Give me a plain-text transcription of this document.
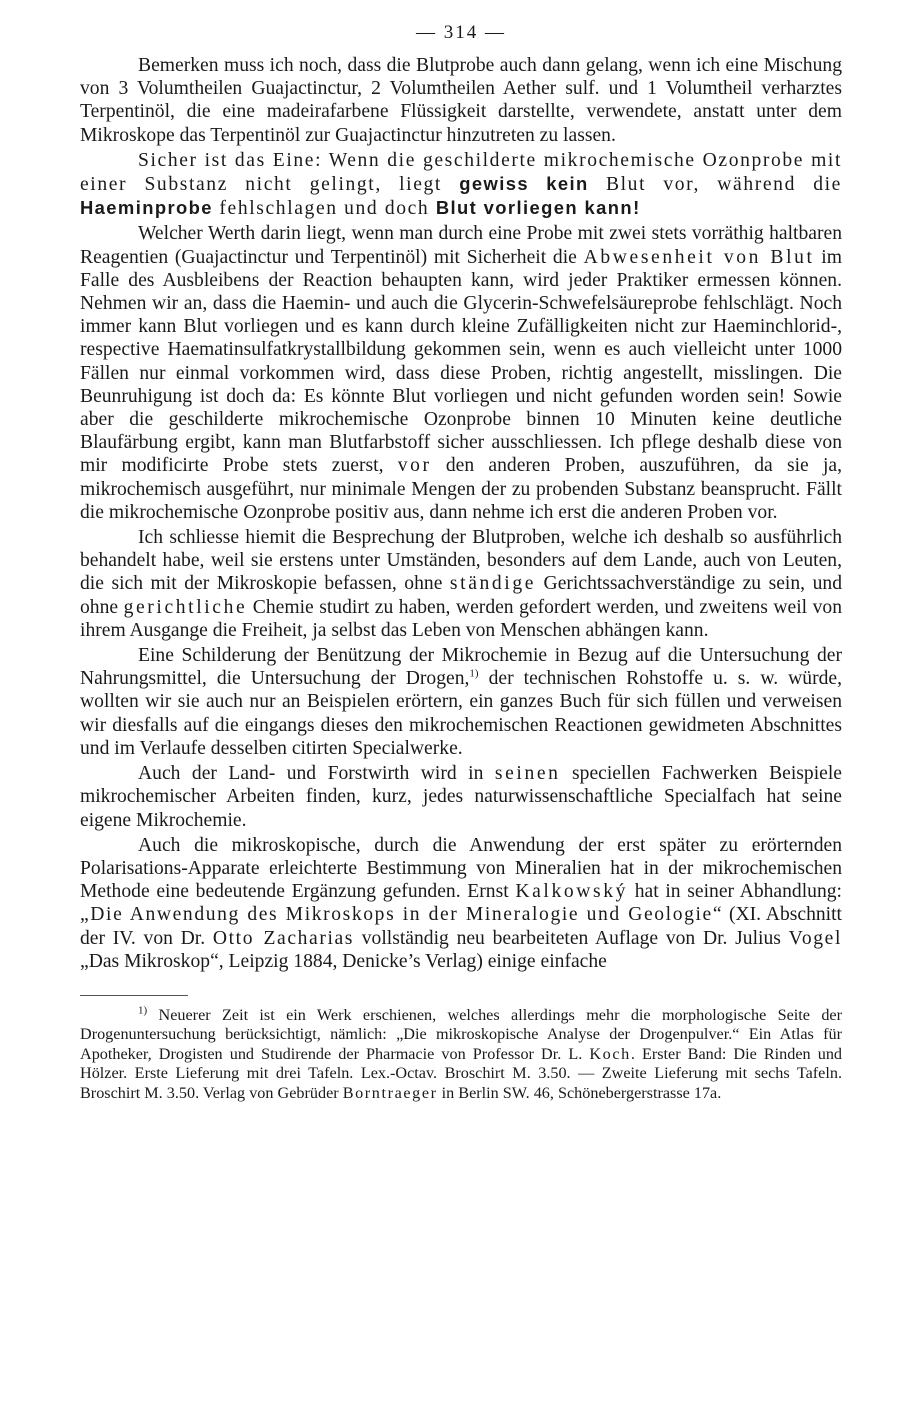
— 314 —

Bemerken muss ich noch, dass die Blutprobe auch dann gelang, wenn ich eine Mischung von 3 Volumtheilen Guajactinctur, 2 Volumtheilen Aether sulf. und 1 Volumtheil verharztes Terpentinöl, die eine madeirafarbene Flüssigkeit darstellte, verwendete, anstatt unter dem Mikroskope das Terpentinöl zur Guajactinctur hinzutreten zu lassen.

Sicher ist das Eine: Wenn die geschilderte mikrochemische Ozonprobe mit einer Substanz nicht gelingt, liegt gewiss kein Blut vor, während die Haeminprobe fehlschlagen und doch Blut vorliegen kann!

Welcher Werth darin liegt, wenn man durch eine Probe mit zwei stets vorräthig haltbaren Reagentien (Guajactinctur und Terpentinöl) mit Sicherheit die Abwesenheit von Blut im Falle des Ausbleibens der Reaction behaupten kann, wird jeder Praktiker ermessen können. Nehmen wir an, dass die Haemin- und auch die Glycerin-Schwefelsäureprobe fehlschlägt. Noch immer kann Blut vorliegen und es kann durch kleine Zufälligkeiten nicht zur Haeminchlorid-, respective Haematinsulfatkrystallbildung gekommen sein, wenn es auch vielleicht unter 1000 Fällen nur einmal vorkommen wird, dass diese Proben, richtig angestellt, misslingen. Die Beunruhigung ist doch da: Es könnte Blut vorliegen und nicht gefunden worden sein! Sowie aber die geschilderte mikrochemische Ozonprobe binnen 10 Minuten keine deutliche Blaufärbung ergibt, kann man Blutfarbstoff sicher ausschliessen. Ich pflege deshalb diese von mir modificirte Probe stets zuerst, vor den anderen Proben, auszuführen, da sie ja, mikrochemisch ausgeführt, nur minimale Mengen der zu probenden Substanz beansprucht. Fällt die mikrochemische Ozonprobe positiv aus, dann nehme ich erst die anderen Proben vor.

Ich schliesse hiemit die Besprechung der Blutproben, welche ich deshalb so ausführlich behandelt habe, weil sie erstens unter Umständen, besonders auf dem Lande, auch von Leuten, die sich mit der Mikroskopie befassen, ohne ständige Gerichtssachverständige zu sein, und ohne gerichtliche Chemie studirt zu haben, werden gefordert werden, und zweitens weil von ihrem Ausgange die Freiheit, ja selbst das Leben von Menschen abhängen kann.

Eine Schilderung der Benützung der Mikrochemie in Bezug auf die Untersuchung der Nahrungsmittel, die Untersuchung der Drogen,$^{1)}$ der technischen Rohstoffe u. s. w. würde, wollten wir sie auch nur an Beispielen erörtern, ein ganzes Buch für sich füllen und verweisen wir diesfalls auf die eingangs dieses den mikrochemischen Reactionen gewidmeten Abschnittes und im Verlaufe desselben citirten Specialwerke.

Auch der Land- und Forstwirth wird in seinen speciellen Fachwerken Beispiele mikrochemischer Arbeiten finden, kurz, jedes naturwissenschaftliche Specialfach hat seine eigene Mikrochemie.

Auch die mikroskopische, durch die Anwendung der erst später zu erörternden Polarisations-Apparate erleichterte Bestimmung von Mineralien hat in der mikrochemischen Methode eine bedeutende Ergänzung gefunden. Ernst Kalkowský hat in seiner Abhandlung: „Die Anwendung des Mikroskops in der Mineralogie und Geologie“ (XI. Abschnitt der IV. von Dr. Otto Zacharias vollständig neu bearbeiteten Auflage von Dr. Julius Vogel „Das Mikroskop“, Leipzig 1884, Denicke’s Verlag) einige einfache

$^{1)}$ Neuerer Zeit ist ein Werk erschienen, welches allerdings mehr die morphologische Seite der Drogenuntersuchung berücksichtigt, nämlich: „Die mikroskopische Analyse der Drogenpulver.“ Ein Atlas für Apotheker, Drogisten und Studirende der Pharmacie von Professor Dr. L. Koch. Erster Band: Die Rinden und Hölzer. Erste Lieferung mit drei Tafeln. Lex.-Octav. Broschirt M. 3.50. — Zweite Lieferung mit sechs Tafeln. Broschirt M. 3.50. Verlag von Gebrüder Borntraeger in Berlin SW. 46, Schönebergerstrasse 17a.
